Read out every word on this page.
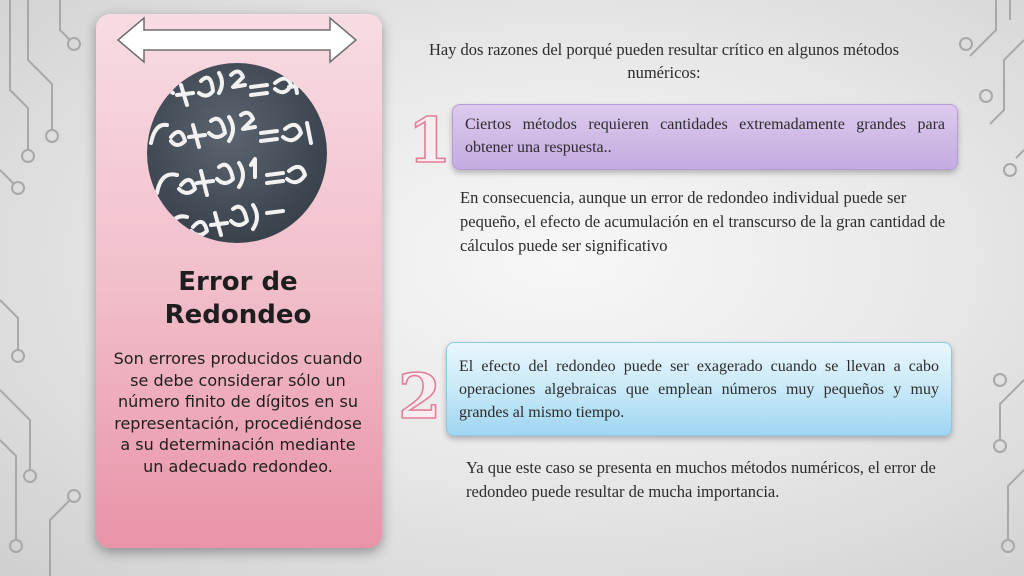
Error de Redondeo

Son errores producidos cuando se debe considerar sólo un número finito de dígitos en su representación, procediéndose a su determinación mediante un adecuado redondeo.

Hay dos razones del porqué pueden resultar crítico en algunos métodos numéricos:

1 Ciertos métodos requieren cantidades extremadamente grandes para obtener una respuesta..

En consecuencia, aunque un error de redondeo individual puede ser pequeño, el efecto de acumulación en el transcurso de la gran cantidad de cálculos puede ser significativo

2	El efecto del redondeo puede ser exagerado cuando se llevan a cabo operaciones algebraicas que emplean números muy pequeños y muy grandes al mismo tiempo.

Ya que este caso se presenta en muchos métodos numéricos, el error de redondeo puede resultar de mucha importancia.
